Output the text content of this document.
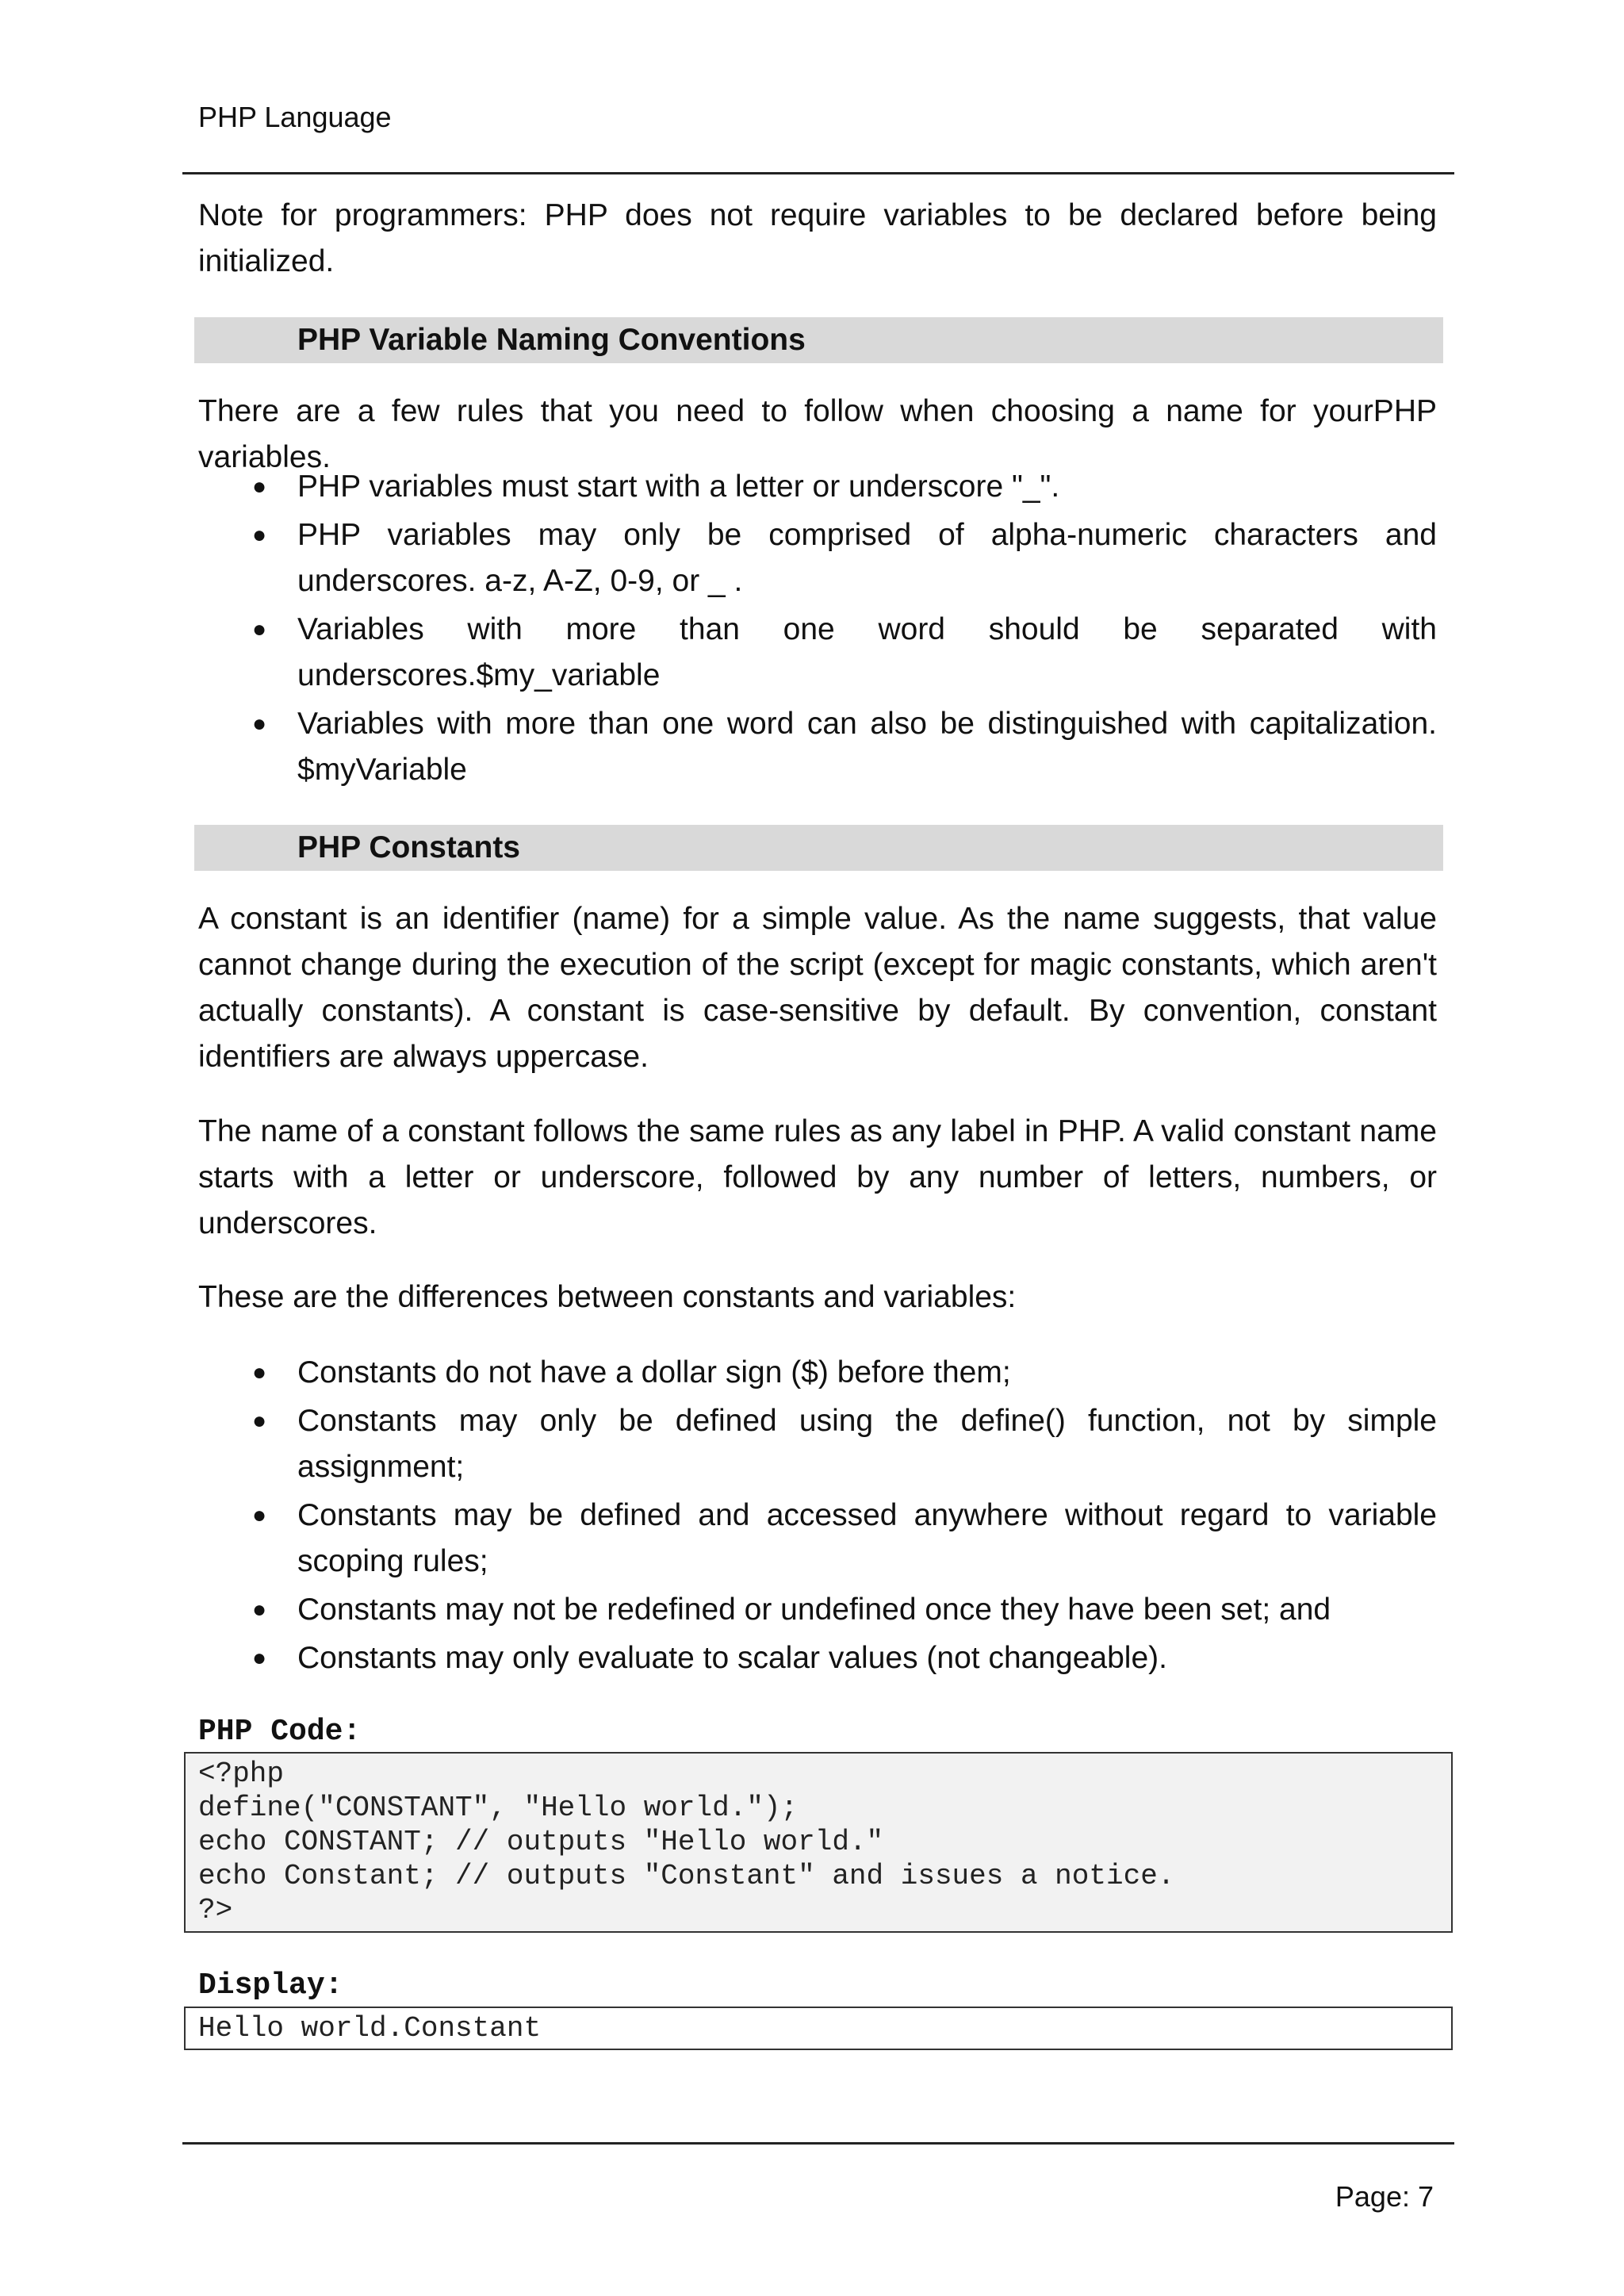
PHP Language

Note for programmers: PHP does not require variables to be declared before being initialized.

PHP Variable Naming Conventions

There are a few rules that you need to follow when choosing a name for yourPHP variables.

● PHP variables must start with a letter or underscore "_".
● PHP variables may only be comprised of alpha-numeric characters and underscores. a-z, A-Z, 0-9, or _ .
● Variables with more than one word should be separated with underscores.$my_variable
● Variables with more than one word can also be distinguished with capitalization. $myVariable
PHP Constants

A constant is an identifier (name) for a simple value. As the name suggests, that value cannot change during the execution of the script (except for magic constants, which aren't actually constants). A constant is case-sensitive by default. By convention, constant identifiers are always uppercase.

The name of a constant follows the same rules as any label in PHP. A valid constant name starts with a letter or underscore, followed by any number of letters, numbers, or underscores.

These are the differences between constants and variables:

● Constants do not have a dollar sign ($) before them;
● Constants may only be defined using the define() function, not by simple assignment;
● Constants may be defined and accessed anywhere without regard to variable scoping rules;
● Constants may not be redefined or undefined once they have been set; and
● Constants may only evaluate to scalar values (not changeable).
PHP Code:
<?php
define("CONSTANT", "Hello world.");
echo CONSTANT; // outputs "Hello world."
echo Constant; // outputs "Constant" and issues a notice.
?>
Display:
Hello world.Constant
Page: 7
